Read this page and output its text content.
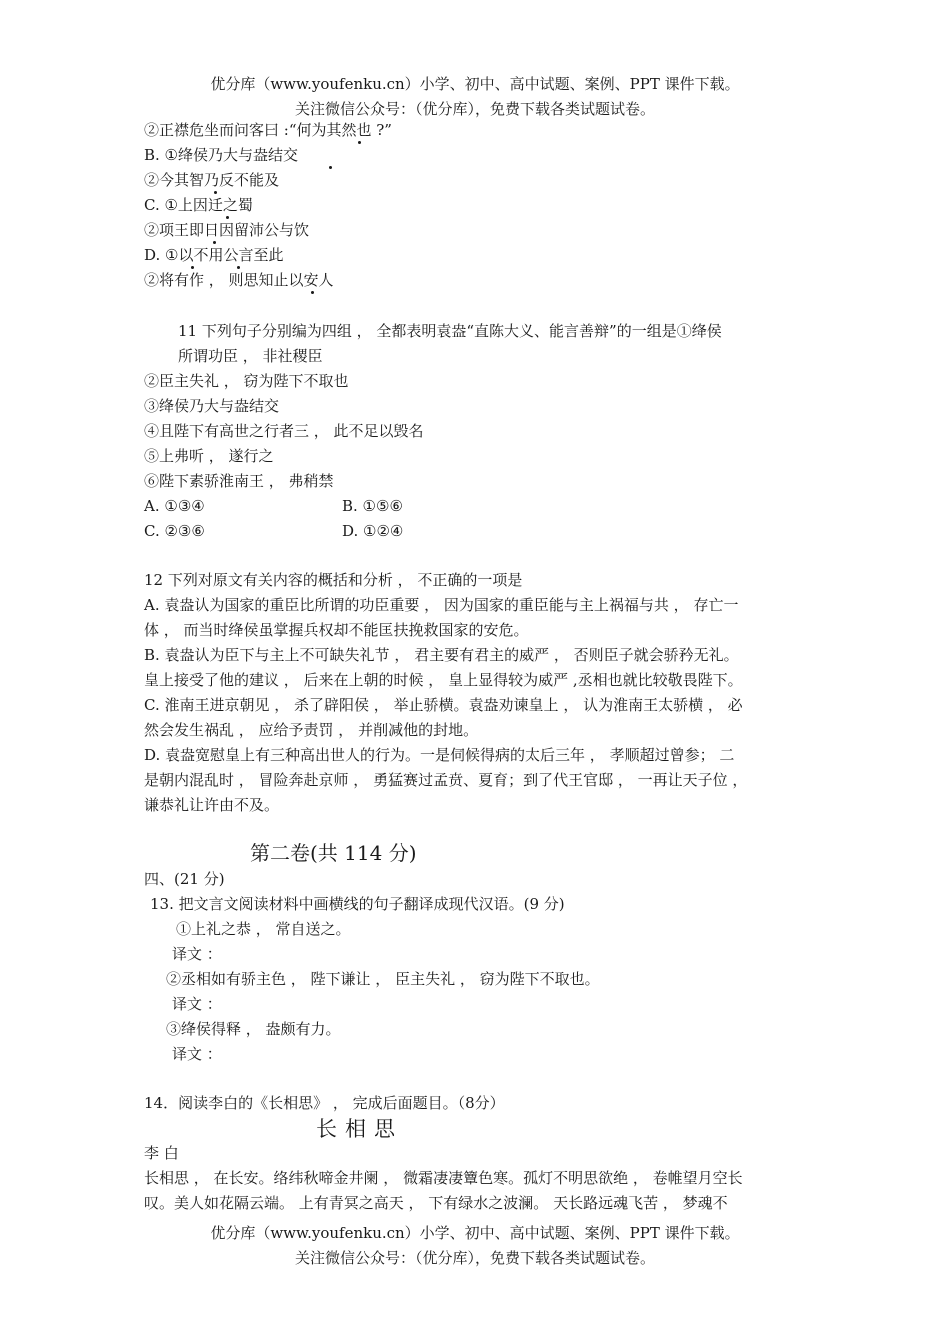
优分库（www.youfenku.cn）小学、初中、高中试题、案例、PPT 课件下载。
关注微信公众号：（优分库），免费下载各类试题试卷。
②正襟危坐而问客曰 :“何为其然也 ?”
B. ①绛侯乃大与盎结交
②今其智乃反不能及
C. ①上因迁之蜀
②项王即日因留沛公与饮
D. ①以不用公言至此
②将有作 ， 则思知止以安人
11 下列句子分别编为四组 ， 全都表明袁盎“直陈大义、能言善辩”的一组是①绛侯
所谓功臣 ， 非社稷臣
②臣主失礼 ， 窃为陛下不取也
③绛侯乃大与盎结交
④且陛下有高世之行者三 ， 此不足以毁名
⑤上弗听 ， 遂行之
⑥陛下素骄淮南王 ， 弗稍禁
A. ①③④	B. ①⑤⑥
C. ②③⑥	D. ①②④
12 下列对原文有关内容的概括和分析 ， 不正确的一项是
A. 袁盎认为国家的重臣比所谓的功臣重要 ， 因为国家的重臣能与主上祸福与共 ， 存亡一
体 ， 而当时绛侯虽掌握兵权却不能匡扶挽救国家的安危。
B. 袁盎认为臣下与主上不可缺失礼节 ， 君主要有君主的威严 ， 否则臣子就会骄矜无礼。
皇上接受了他的建议 ， 后来在上朝的时候 ， 皇上显得较为威严 ,丞相也就比较敬畏陛下。
C. 淮南王进京朝见 ， 杀了辟阳侯 ， 举止骄横。袁盎劝谏皇上 ， 认为淮南王太骄横 ， 必
然会发生祸乱 ， 应给予责罚 ， 并削减他的封地。
D. 袁盎宽慰皇上有三种高出世人的行为。一是伺候得病的太后三年 ， 孝顺超过曾参； 二
是朝内混乱时 ， 冒险奔赴京师 ， 勇猛赛过孟贲、夏育；到了代王官邸 ， 一再让天子位 ，
谦恭礼让许由不及。
第二卷(共 114 分)
四、(21 分)
13. 把文言文阅读材料中画横线的句子翻译成现代汉语。(9 分)
①上礼之恭 ， 常自送之。
译文 ：
②丞相如有骄主色 ， 陛下谦让 ， 臣主失礼 ， 窃为陛下不取也。
译文 ：
③绛侯得释 ， 盎颇有力。
译文 ：
14．阅读李白的《长相思》 ， 完成后面题目。（8分）
长相思
李 白
长相思 ， 在长安。络纬秋啼金井阑 ， 微霜凄凄簟色寒。孤灯不明思欲绝 ， 卷帷望月空长
叹。美人如花隔云端。 上有青冥之高天 ， 下有绿水之波澜。 天长路远魂飞苦 ， 梦魂不
优分库（www.youfenku.cn）小学、初中、高中试题、案例、PPT 课件下载。
关注微信公众号：（优分库），免费下载各类试题试卷。
